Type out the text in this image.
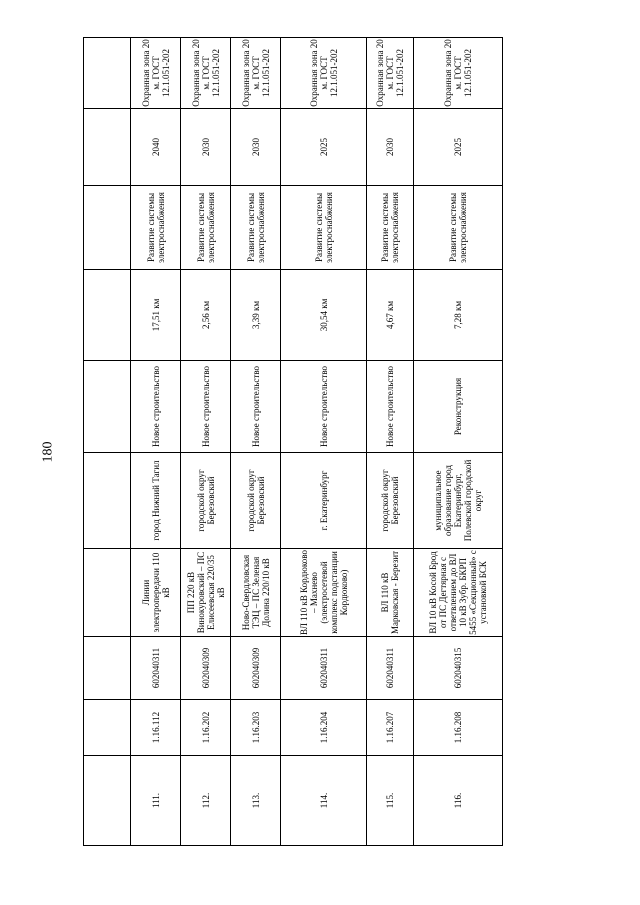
180

111.	1.16.112	602040311	Линии электропередачи 110 кВ	город Нижний Тагил	Новое строительство	17,51 км	Развитие системы электроснабжения	2040	Охранная зона 20 м. ГОСТ 12.1.051-202
112.	1.16.202	602040309	ПП 220 кВ Винокуровский – ПС Елисеевская 220/35 кВ	городской округ Березовский	Новое строительство	2,56 км	Развитие системы электроснабжения	2030	Охранная зона 20 м. ГОСТ 12.1.051-202
113.	1.16.203	602040309	Ново-Свердловская ТЭЦ – ПС Зеленая Долина 220/10 кВ	городской округ Березовский	Новое строительство	3,39 км	Развитие системы электроснабжения	2030	Охранная зона 20 м. ГОСТ 12.1.051-202
114.	1.16.204	602040311	ВЛ 110 кВ Кордюково – Махнево (электросетевой комплекс подстанции Кордюково)	г. Екатеринбург	Новое строительство	30,54 км	Развитие системы электроснабжения	2025	Охранная зона 20 м. ГОСТ 12.1.051-202
115.	1.16.207	602040311	ВЛ 110 кВ Марковская - Березит	городской округ Березовский	Новое строительство	4,67 км	Развитие системы электроснабжения	2030	Охранная зона 20 м. ГОСТ 12.1.051-202
116.	1.16.208	602040315	ВЛ 10 кВ Косой Брод от ПС Дегтярная с ответвлением до ВЛ 10 кВ Зубр. БКРП 5455 «Секционный» с установкой БСК	муниципальное образование город Екатеринбург, Полевской городской округ	Реконструкция	7,28 км	Развитие системы электроснабжения	2025	Охранная зона 20 м. ГОСТ 12.1.051-202
